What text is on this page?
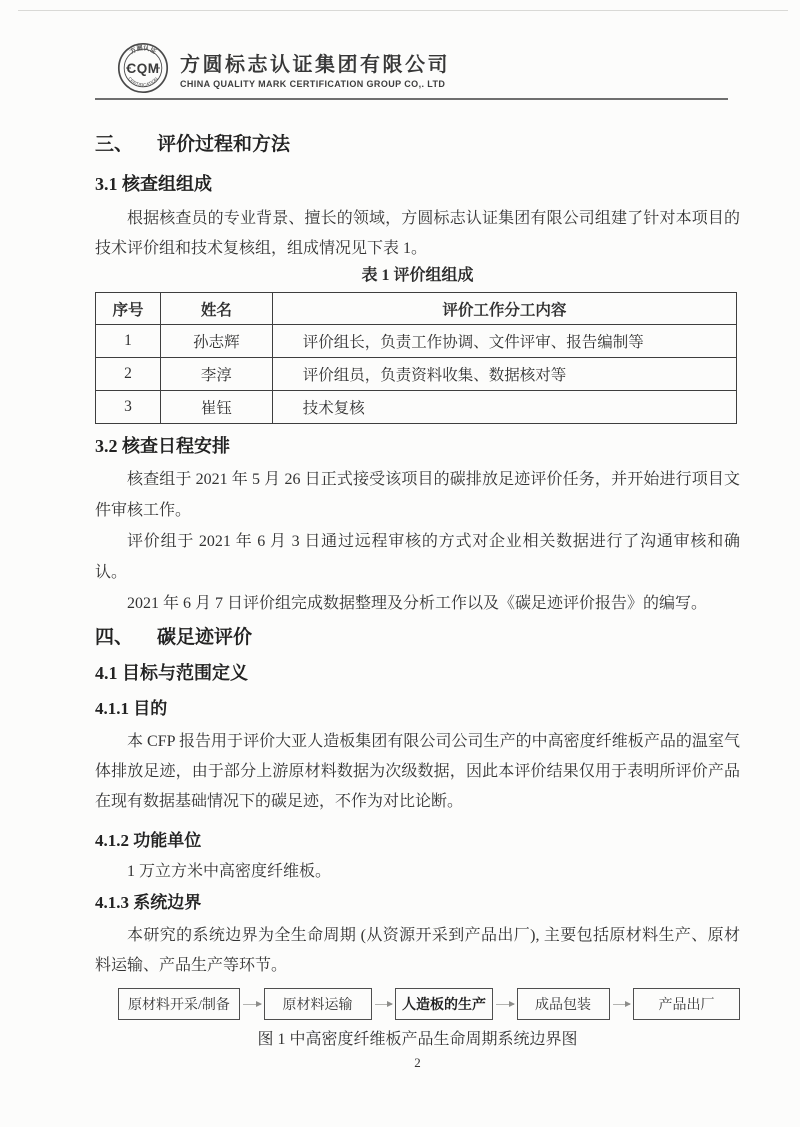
方圆认证
CERTIFICATION
CQM 方圆标志认证集团有限公司
CHINA QUALITY MARK CERTIFICATION GROUP CO,. LTD
三、 评价过程和方法
3.1 核查组组成

根据核查员的专业背景、擅长的领域，方圆标志认证集团有限公司组建了针对本项目的技术评价组和技术复核组，组成情况见下表 1。

表 1 评价组组成
序号	姓名	评价工作分工内容
1	孙志辉	评价组长，负责工作协调、文件评审、报告编制等
2	李淳	评价组员，负责资料收集、数据核对等
3	崔钰	技术复核
3.2 核查日程安排

核查组于 2021 年 5 月 26 日正式接受该项目的碳排放足迹评价任务，并开始进行项目文件审核工作。

评价组于 2021 年 6 月 3 日通过远程审核的方式对企业相关数据进行了沟通审核和确认。

2021 年 6 月 7 日评价组完成数据整理及分析工作以及《碳足迹评价报告》的编写。

四、 碳足迹评价
4.1 目标与范围定义
4.1.1 目的

本 CFP 报告用于评价大亚人造板集团有限公司公司生产的中高密度纤维板产品的温室气体排放足迹，由于部分上游原材料数据为次级数据，因此本评价结果仅用于表明所评价产品在现有数据基础情况下的碳足迹，不作为对比论断。

4.1.2 功能单位

1 万立方米中高密度纤维板。

4.1.3 系统边界

本研究的系统边界为全生命周期 (从资源开采到产品出厂), 主要包括原材料生产、原材料运输、产品生产等环节。

原材料开采/制备	原材料运输	人造板的生产	成品包装	产品出厂
图 1 中高密度纤维板产品生命周期系统边界图
2
